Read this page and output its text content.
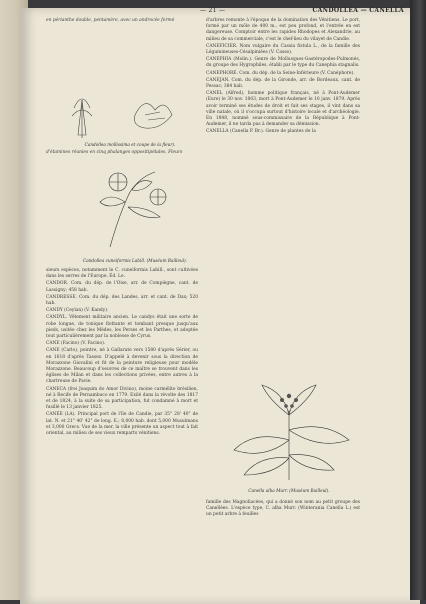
— 21 —	CANDOLLEA — CANELLA

en périanthe double, pentamère, avec un androcée formé

Candollea mollissima et coupe de la fleur).

d'étamines réunies en cinq phalanges oppositipétales. Fleurs

Candollea cuneiformis Labill. (Muséum Bailleul).

sieurs espèces, notamment le C. cuneiformis Labill., sont cultivées dans les serres de l'Europe. Éd. Le.

CANDOR. Com. du dép. de l'Oise, arr. de Compiègne, cant. de Lassigny; 458 hab.

CANDRESSE. Com. du dép. des Landes, arr. et cant. de Dax; 520 hab.

CANDY (Ceylan) (V. Kandy).

CANDYL. Vêtement militaire ancien. Le candys était une sorte de robe longue, de tonique flottante et tombant presque jusqu'aux pieds, usitée chez les Mèdes, les Perses et les Parthes, et adoptée tout particulièrement par la noblesse de Cyrus.

CANE (Facino) (V. Facino).

CANE (Carlo), peintre, né à Gallarate vers 1580 d'après Sérier, ou en 1618 d'après Tassez. D'appelé à devenir sous la direction de Morazzone Giovalini et fit de la peinture religieuse pour modèle Morazzone. Beaucoup d'oeuvres de ce maître se trouvent dans les églises de Milan et dans les collections privées, entre autres à la chartreuse de Pavie.

CANECA (frei Joaquim do Amor Divino), moine carmélite brésilien, né à Recife de Pernambuco en 1779. Exilé dans la révolte des 1817 et de 1824, à la suite de sa participation, fut condamné à mort et fusillé le 13 janvier 1825.

CANÉE (LA). Principal port de l'île de Candie, par 35° 28' 40" de lat. N. et 21° 40' 42" de long. E.; 8,000 hab. dont 5,000 Musulmans et 3,000 Grecs. Vue de la mer, la ville présente un aspect tout à fait oriental, au milieu de ses vieux remparts vénitiens.

d'arbres remonte à l'époque de la domination des Vénitiens. Le port, formé par un môle de 400 m., est peu profond, et l'entrée en est dangereuse. Comptoir entre les rapides Rhodopes et Alexandrie, au milieu de sa commerciale, c'est le chef-lieu du vilayet de Candie.

CANEFICIER. Nom vulgaire du Cassia fistula L., de la famille des Légumineuses-Césalpiniées (V. Casse).

CANEPHIA (Molin.). Genre de Mollusques-Gastéropodes-Pulmonés, du groupe des Hygrophiles, établi par le type du Canephia stagnalis.

CANEPHORE. Com. du dép. de la Seine-Inférieure (V. Canéphore).

CANEJAN. Com. du dép. de la Gironde, arr. de Bordeaux, cant. de Pessac; 384 hab.

CANEL (Alfred), homme politique français, né à Pont-Audemer (Eure) le 30 nov. 1803, mort à Pont-Audemer le 10 janv. 1879. Après avoir terminé ses études de droit et fait ses stages, il vint dans sa ville natale, où il s'occupa surtout d'histoire locale et d'archéologie. En 1848, nommé sous-commissaire de la République à Pont-Audemer, il ne tarda pas à demander sa démission.

CANELLA (Canella P. Br.). Genre de plantes de la

Canella alba Murr. (Muséum Bailleul).

famille des Magnoliacées, qui a donné son nom au petit groupe des Canellées. L'espèce type, C. alba Murr. (Winterania Canella L.) est un petit arbre à feuilles
